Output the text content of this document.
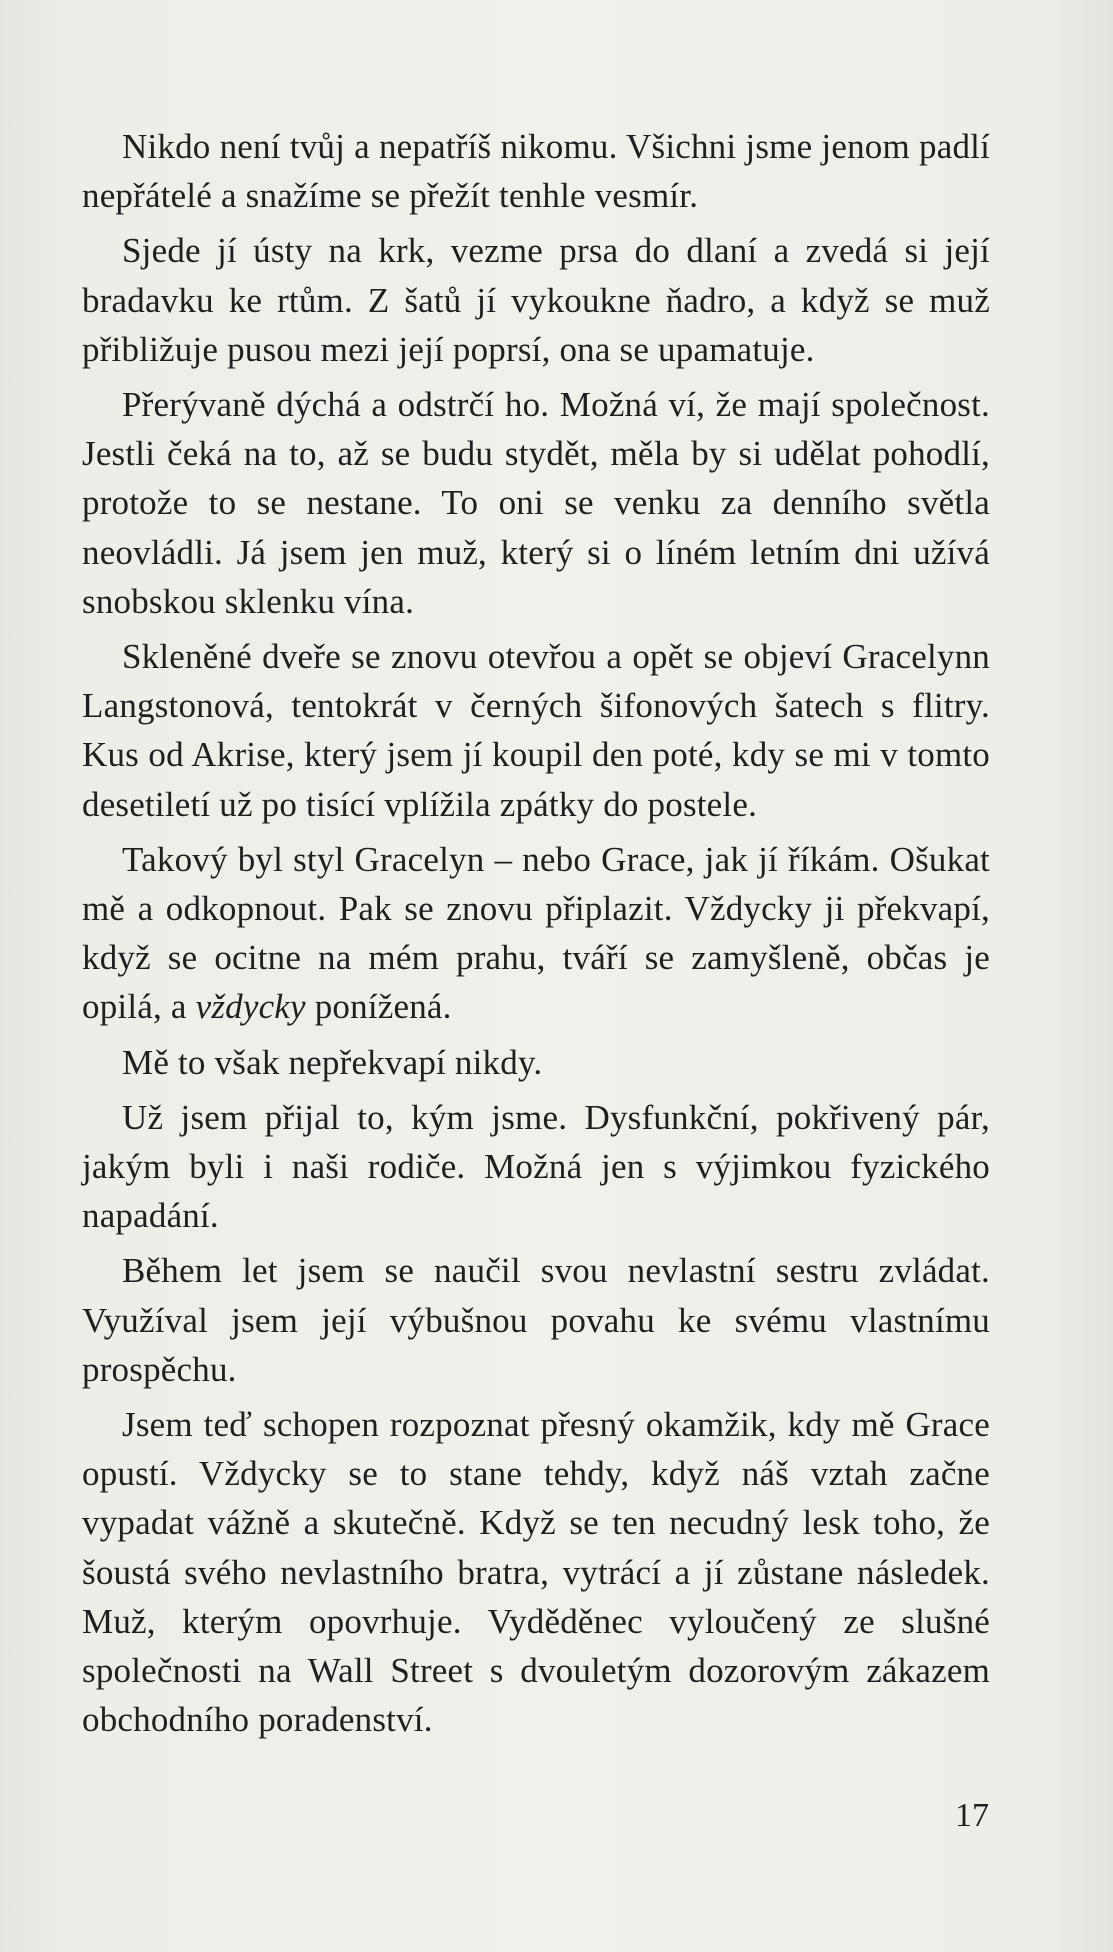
Nikdo není tvůj a nepatříš nikomu. Všichni jsme jenom padlí nepřátelé a snažíme se přežít tenhle vesmír.

Sjede jí ústy na krk, vezme prsa do dlaní a zvedá si její bradavku ke rtům. Z šatů jí vykoukne ňadro, a když se muž přibližuje pusou mezi její poprsí, ona se upamatuje.

Přerývaně dýchá a odstrčí ho. Možná ví, že mají společnost. Jestli čeká na to, až se budu stydět, měla by si udělat pohodlí, protože to se nestane. To oni se venku za denního světla neovládli. Já jsem jen muž, který si o líném letním dni užívá snobskou sklenku vína.

Skleněné dveře se znovu otevřou a opět se objeví Gracelynn Langstonová, tentokrát v černých šifonových šatech s flitry. Kus od Akrise, který jsem jí koupil den poté, kdy se mi v tomto desetiletí už po tisící vplížila zpátky do postele.

Takový byl styl Gracelyn – nebo Grace, jak jí říkám. Ošukat mě a odkopnout. Pak se znovu připlazit. Vždycky ji překvapí, když se ocitne na mém prahu, tváří se zamyšleně, občas je opilá, a vždycky ponížená.

Mě to však nepřekvapí nikdy.

Už jsem přijal to, kým jsme. Dysfunkční, pokřivený pár, jakým byli i naši rodiče. Možná jen s výjimkou fyzického napadání.

Během let jsem se naučil svou nevlastní sestru zvládat. Využíval jsem její výbušnou povahu ke svému vlastnímu prospěchu.

Jsem teď schopen rozpoznat přesný okamžik, kdy mě Grace opustí. Vždycky se to stane tehdy, když náš vztah začne vypadat vážně a skutečně. Když se ten necudný lesk toho, že šoustá svého nevlastního bratra, vytrácí a jí zůstane následek. Muž, kterým opovrhuje. Vyděděnec vyloučený ze slušné společnosti na Wall Street s dvouletým dozorovým zákazem obchodního poradenství.

17
